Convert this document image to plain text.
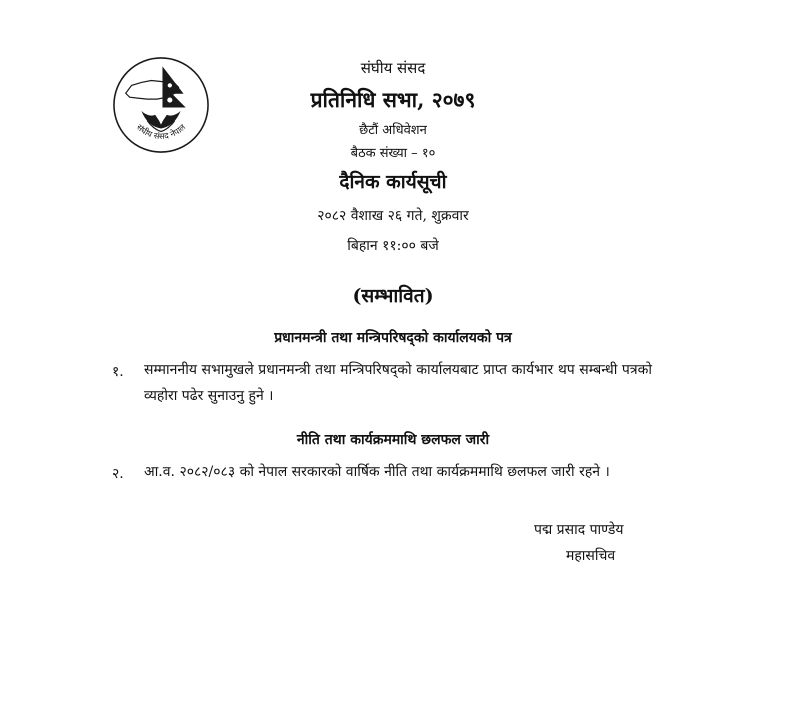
संघीय संसद नेपाल
संघीय संसद
प्रतिनिधि सभा, २०७९
छैटौं अधिवेशन
बैठक संख्या – १०
दैनिक कार्यसूची
२०८२ वैशाख २६ गते, शुक्रवार
बिहान ११:०० बजे
(सम्भावित)
प्रधानमन्त्री तथा मन्त्रिपरिषद्को कार्यालयको पत्र
१. सम्माननीय सभामुखले प्रधानमन्त्री तथा मन्त्रिपरिषद्को कार्यालयबाट प्राप्त कार्यभार थप सम्बन्धी पत्रको व्यहोरा पढेर सुनाउनु हुने ।
नीति तथा कार्यक्रममाथि छलफल जारी
२. आ.व. २०८२/०८३ को नेपाल सरकारको वार्षिक नीति तथा कार्यक्रममाथि छलफल जारी रहने ।
पद्म प्रसाद पाण्डेय
महासचिव
